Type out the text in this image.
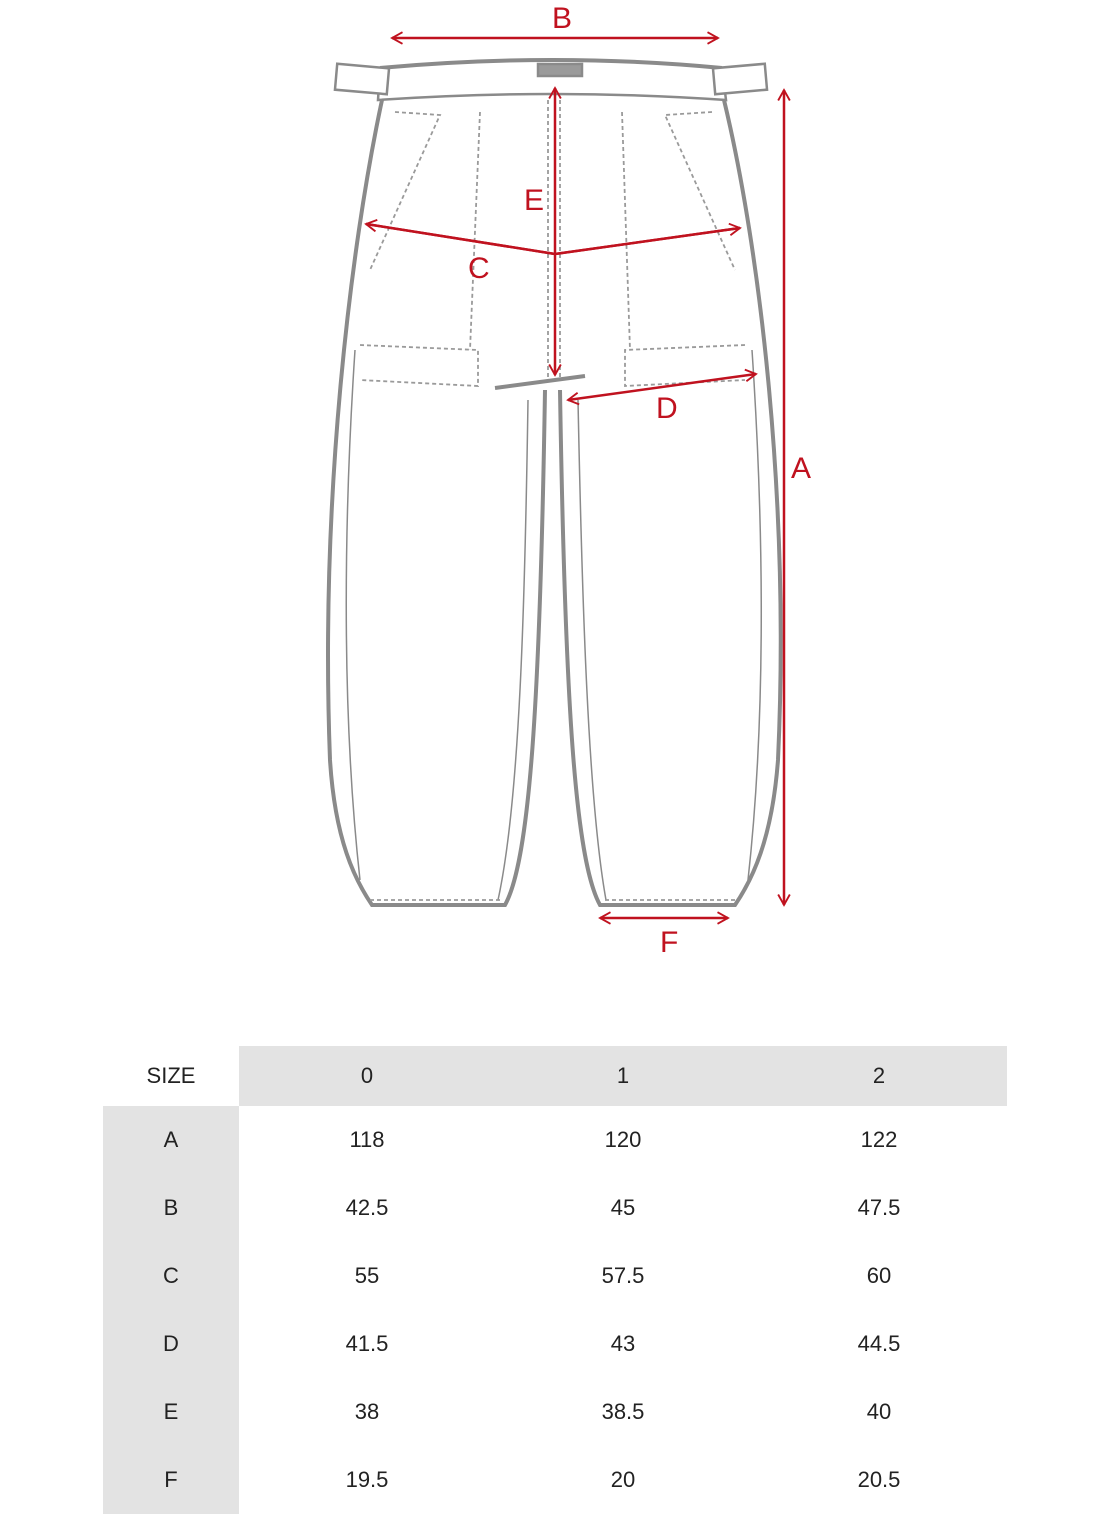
B
A
C
E
D
F
SIZE	0	1	2
A	118	120	122
B	42.5	45	47.5
C	55	57.5	60
D	41.5	43	44.5
E	38	38.5	40
F	19.5	20	20.5
